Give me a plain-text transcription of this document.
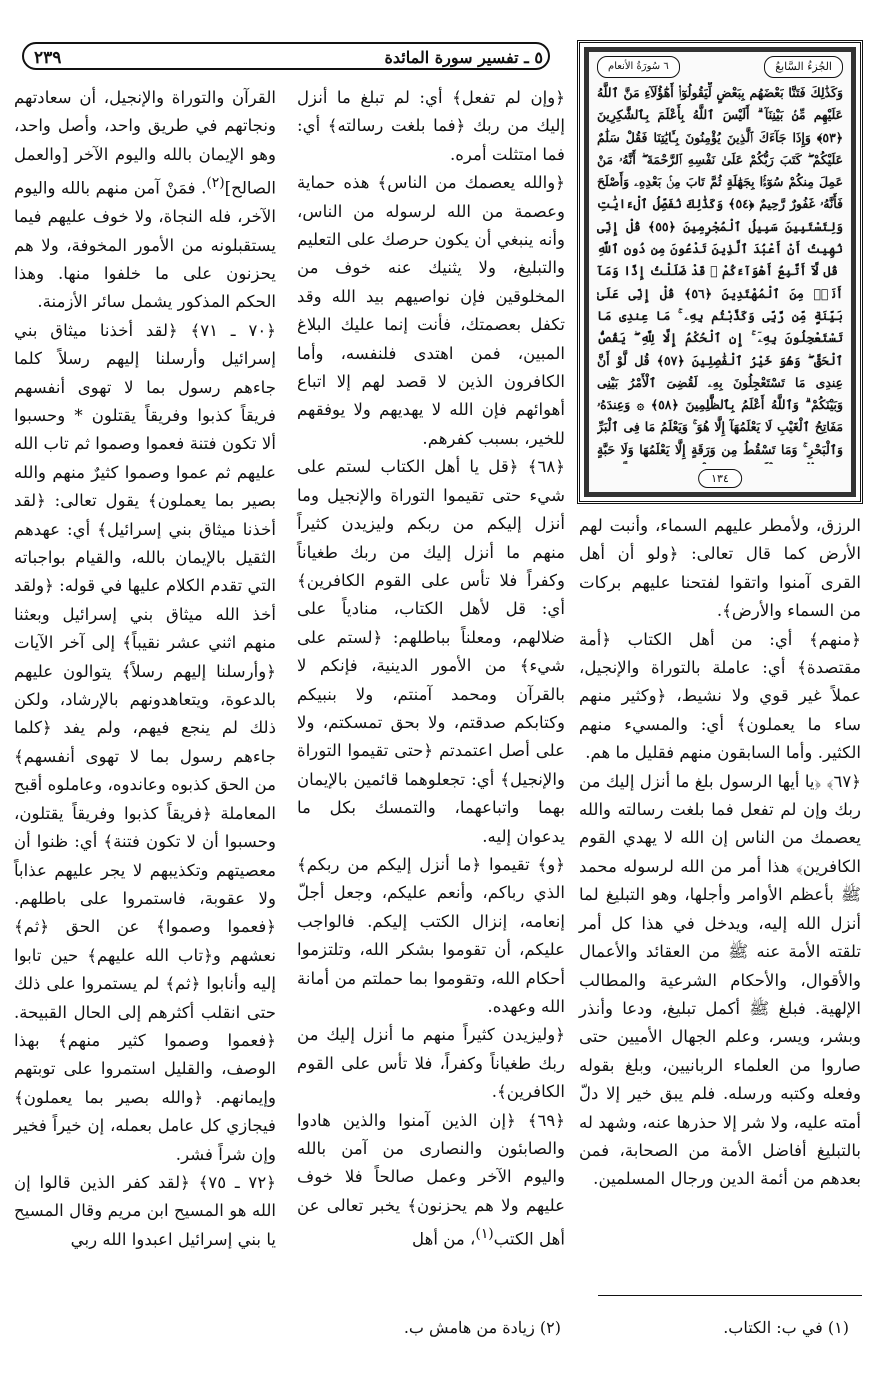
٢٣٩	٥ ـ تفسير سورة المائدة	الجُزءُ السَّابعُ
٦ سُورَةُ الأنعام
وَكَذَٰلِكَ فَتَنَّا بَعْضَهُم بِبَعْضٍ لِّيَقُولُوٓا۟ أَهَٰٓؤُلَآءِ مَنَّ ٱللَّهُ عَلَيْهِم مِّنۢ بَيْنِنَآ ۗ أَلَيْسَ ٱللَّهُ بِأَعْلَمَ بِٱلشَّٰكِرِينَ ﴿٥٣﴾ وَإِذَا جَآءَكَ ٱلَّذِينَ يُؤْمِنُونَ بِـَٔايَٰتِنَا فَقُلْ سَلَٰمٌ عَلَيْكُمْ ۖ كَتَبَ رَبُّكُمْ عَلَىٰ نَفْسِهِ ٱلرَّحْمَةَ ۖ أَنَّهُۥ مَنْ عَمِلَ مِنكُمْ سُوٓءًۢا بِجَهَٰلَةٍ ثُمَّ تَابَ مِنۢ بَعْدِهِۦ وَأَصْلَحَ فَأَنَّهُۥ غَفُورٌ رَّحِيمٌ ﴿٥٤﴾ وَكَذَٰلِكَ نُفَصِّلُ ٱلْءَايَٰتِ وَلِتَسْتَبِينَ سَبِيلُ ٱلْمُجْرِمِينَ ﴿٥٥﴾ قُلْ إِنِّى نُهِيتُ أَنْ أَعْبُدَ ٱلَّذِينَ تَدْعُونَ مِن دُونِ ٱللَّهِ ۚ قُل لَّآ أَتَّبِعُ أَهْوَآءَكُمْ ۙ قَدْ ضَلَلْتُ إِذًا وَمَآ أَنَا۠ مِنَ ٱلْمُهْتَدِينَ ﴿٥٦﴾ قُلْ إِنِّى عَلَىٰ بَيِّنَةٍ مِّن رَّبِّى وَكَذَّبْتُم بِهِۦ ۚ مَا عِندِى مَا تَسْتَعْجِلُونَ بِهِۦٓ ۚ إِنِ ٱلْحُكْمُ إِلَّا لِلَّهِ ۖ يَقُصُّ ٱلْحَقَّ ۖ وَهُوَ خَيْرُ ٱلْفَٰصِلِينَ ﴿٥٧﴾ قُل لَّوْ أَنَّ عِندِى مَا تَسْتَعْجِلُونَ بِهِۦ لَقُضِىَ ٱلْأَمْرُ بَيْنِى وَبَيْنَكُمْ ۗ وَٱللَّهُ أَعْلَمُ بِٱلظَّٰلِمِينَ ﴿٥٨﴾ ۞ وَعِندَهُۥ مَفَاتِحُ ٱلْغَيْبِ لَا يَعْلَمُهَآ إِلَّا هُوَ ۚ وَيَعْلَمُ مَا فِى ٱلْبَرِّ وَٱلْبَحْرِ ۚ وَمَا تَسْقُطُ مِن وَرَقَةٍ إِلَّا يَعْلَمُهَا وَلَا حَبَّةٍ
١٣٤

الرزق، ولأمطر عليهم السماء، وأنبت لهم الأرض كما قال تعالى: ﴿ولو أن أهل القرى آمنوا واتقوا لفتحنا عليهم بركات من السماء والأرض﴾.

﴿منهم﴾ أي: من أهل الكتاب ﴿أمة مقتصدة﴾ أي: عاملة بالتوراة والإنجيل، عملاً غير قوي ولا نشيط، ﴿وكثير منهم ساء ما يعملون﴾ أي: والمسيء منهم الكثير. وأما السابقون منهم فقليل ما هم.

﴿٦٧﴾ ﴿يا أيها الرسول بلغ ما أنزل إليك من ربك وإن لم تفعل فما بلغت رسالته والله يعصمك من الناس إن الله لا يهدي القوم الكافرين﴾ هذا أمر من الله لرسوله محمد ﷺ بأعظم الأوامر وأجلها، وهو التبليغ لما أنزل الله إليه، ويدخل في هذا كل أمر تلقته الأمة عنه ﷺ من العقائد والأعمال والأقوال، والأحكام الشرعية والمطالب الإلهية. فبلغ ﷺ أكمل تبليغ، ودعا وأنذر وبشر، ويسر، وعلم الجهال الأميين حتى صاروا من العلماء الربانيين، وبلغ بقوله وفعله وكتبه ورسله. فلم يبق خير إلا دلّ أمته عليه، ولا شر إلا حذرها عنه، وشهد له بالتبليغ أفاضل الأمة من الصحابة، فمن بعدهم من أئمة الدين ورجال المسلمين.

﴿وإن لم تفعل﴾ أي: لم تبلغ ما أنزل إليك من ربك ﴿فما بلغت رسالته﴾ أي: فما امتثلت أمره.

﴿والله يعصمك من الناس﴾ هذه حماية وعصمة من الله لرسوله من الناس، وأنه ينبغي أن يكون حرصك على التعليم والتبليغ، ولا يثنيك عنه خوف من المخلوقين فإن نواصيهم بيد الله وقد تكفل بعصمتك، فأنت إنما عليك البلاغ المبين، فمن اهتدى فلنفسه، وأما الكافرون الذين لا قصد لهم إلا اتباع أهوائهم فإن الله لا يهديهم ولا يوفقهم للخير، بسبب كفرهم.

﴿٦٨﴾ ﴿قل يا أهل الكتاب لستم على شيء حتى تقيموا التوراة والإنجيل وما أنزل إليكم من ربكم وليزيدن كثيراً منهم ما أنزل إليك من ربك طغياناً وكفراً فلا تأس على القوم الكافرين﴾ أي: قل لأهل الكتاب، منادياً على ضلالهم، ومعلناً بباطلهم: ﴿لستم على شيء﴾ من الأمور الدينية، فإنكم لا بالقرآن ومحمد آمنتم، ولا بنبيكم وكتابكم صدقتم، ولا بحق تمسكتم، ولا على أصل اعتمدتم ﴿حتى تقيموا التوراة والإنجيل﴾ أي: تجعلوهما قائمين بالإيمان بهما واتباعهما، والتمسك بكل ما يدعوان إليه.

﴿و﴾ تقيموا ﴿ما أنزل إليكم من ربكم﴾ الذي رباكم، وأنعم عليكم، وجعل أجلّ إنعامه، إنزال الكتب إليكم. فالواجب عليكم، أن تقوموا بشكر الله، وتلتزموا أحكام الله، وتقوموا بما حملتم من أمانة الله وعهده.

﴿وليزيدن كثيراً منهم ما أنزل إليك من ربك طغياناً وكفراً، فلا تأس على القوم الكافرين﴾.

﴿٦٩﴾ ﴿إن الذين آمنوا والذين هادوا والصابئون والنصارى من آمن بالله واليوم الآخر وعمل صالحاً فلا خوف عليهم ولا هم يحزنون﴾ يخبر تعالى عن أهل الكتب$^{(١)}$، من أهل

القرآن والتوراة والإنجيل، أن سعادتهم ونجاتهم في طريق واحد، وأصل واحد، وهو الإيمان بالله واليوم الآخر [والعمل الصالح]$^{(٢)}$. فمَنْ آمن منهم بالله واليوم الآخر، فله النجاة، ولا خوف عليهم فيما يستقبلونه من الأمور المخوفة، ولا هم يحزنون على ما خلفوا منها. وهذا الحكم المذكور يشمل سائر الأزمنة.

﴿٧٠ ـ ٧١﴾ ﴿لقد أخذنا ميثاق بني إسرائيل وأرسلنا إليهم رسلاً كلما جاءهم رسول بما لا تهوى أنفسهم فريقاً كذبوا وفريقاً يقتلون * وحسبوا ألا تكون فتنة فعموا وصموا ثم تاب الله عليهم ثم عموا وصموا كثيرٌ منهم والله بصير بما يعملون﴾ يقول تعالى: ﴿لقد أخذنا ميثاق بني إسرائيل﴾ أي: عهدهم الثقيل بالإيمان بالله، والقيام بواجباته التي تقدم الكلام عليها في قوله: ﴿ولقد أخذ الله ميثاق بني إسرائيل وبعثنا منهم اثني عشر نقيباً﴾ إلى آخر الآيات ﴿وأرسلنا إليهم رسلاً﴾ يتوالون عليهم بالدعوة، ويتعاهدونهم بالإرشاد، ولكن ذلك لم ينجع فيهم، ولم يفد ﴿كلما جاءهم رسول بما لا تهوى أنفسهم﴾ من الحق كذبوه وعاندوه، وعاملوه أقبح المعاملة ﴿فريقاً كذبوا وفريقاً يقتلون، وحسبوا أن لا تكون فتنة﴾ أي: ظنوا أن معصيتهم وتكذيبهم لا يجر عليهم عذاباً ولا عقوبة، فاستمروا على باطلهم. ﴿فعموا وصموا﴾ عن الحق ﴿ثم﴾ نعشهم و﴿تاب الله عليهم﴾ حين تابوا إليه وأنابوا ﴿ثم﴾ لم يستمروا على ذلك حتى انقلب أكثرهم إلى الحال القبيحة. ﴿فعموا وصموا كثير منهم﴾ بهذا الوصف، والقليل استمروا على توبتهم وإيمانهم. ﴿والله بصير بما يعملون﴾ فيجازي كل عامل بعمله، إن خيراً فخير وإن شراً فشر.

﴿٧٢ ـ ٧٥﴾ ﴿لقد كفر الذين قالوا إن الله هو المسيح ابن مريم وقال المسيح يا بني إسرائيل اعبدوا الله ربي

(١) في ب: الكتاب.
(٢) زيادة من هامش ب.
